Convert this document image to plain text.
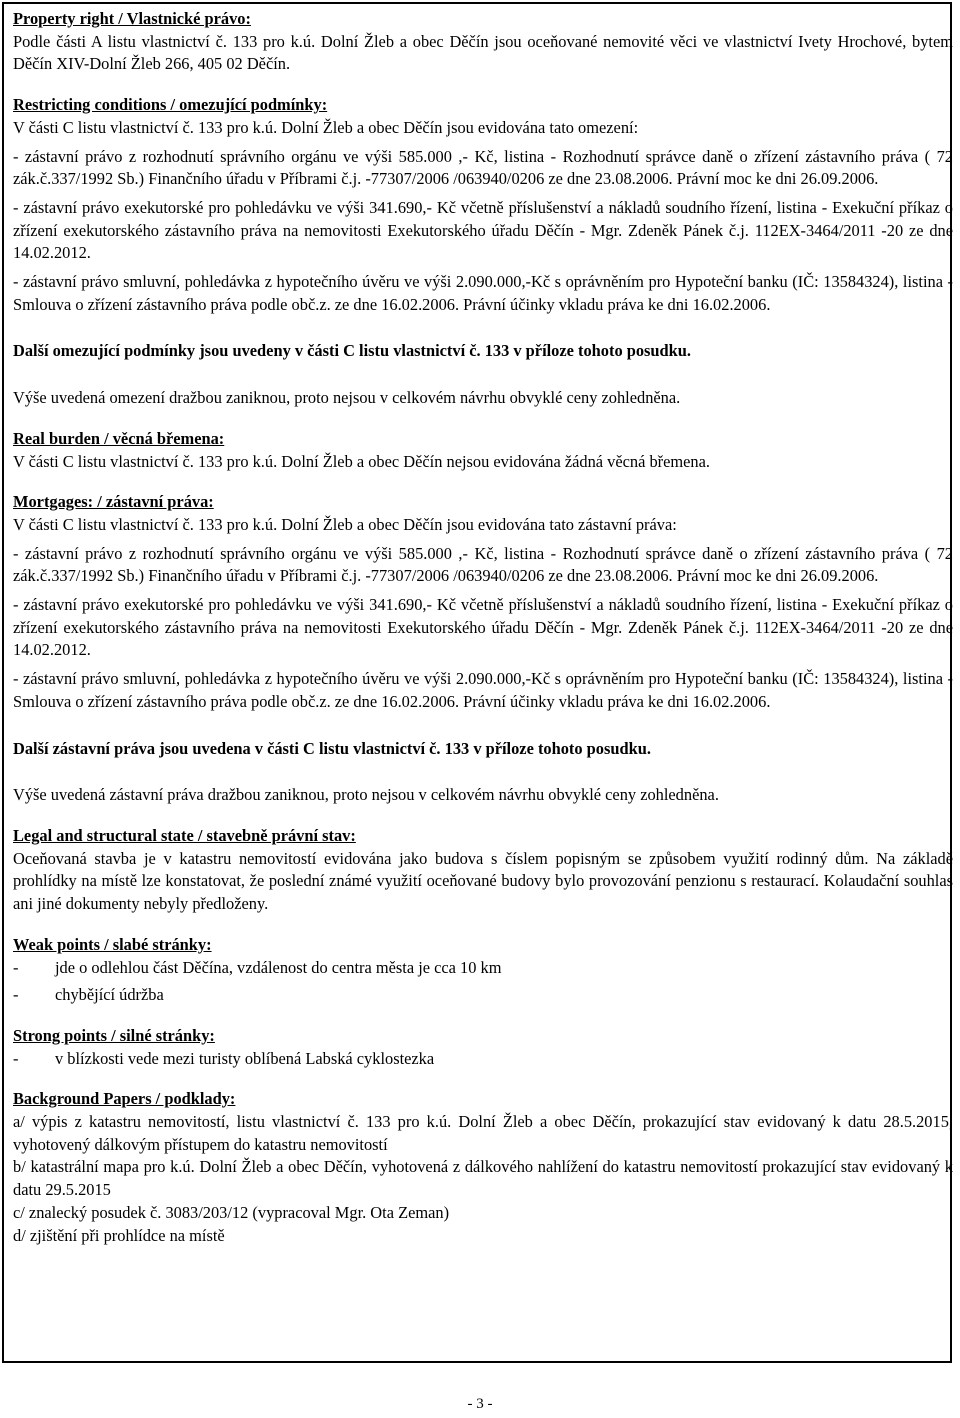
Property right / Vlastnické právo:

Podle části A listu vlastnictví č. 133 pro k.ú. Dolní Žleb a obec Děčín jsou oceňované nemovité věci ve vlastnictví Ivety Hrochové, bytem Děčín XIV-Dolní Žleb 266, 405 02 Děčín.

Restricting conditions / omezující podmínky:

V části C listu vlastnictví č. 133 pro k.ú. Dolní Žleb a obec Děčín jsou evidována tato omezení:

- zástavní právo z rozhodnutí správního orgánu ve výši 585.000 ,- Kč, listina - Rozhodnutí správce daně o zřízení zástavního práva ( 72 zák.č.337/1992 Sb.) Finančního úřadu v Příbrami č.j. -77307/2006 /063940/0206 ze dne 23.08.2006. Právní moc ke dni 26.09.2006.

- zástavní právo exekutorské pro pohledávku ve výši 341.690,- Kč včetně příslušenství a nákladů soudního řízení, listina - Exekuční příkaz o zřízení exekutorského zástavního práva na nemovitosti Exekutorského úřadu Děčín - Mgr. Zdeněk Pánek č.j. 112EX-3464/2011 -20 ze dne 14.02.2012.

- zástavní právo smluvní, pohledávka z hypotečního úvěru ve výši 2.090.000,-Kč s oprávněním pro Hypoteční banku (IČ: 13584324), listina - Smlouva o zřízení zástavního práva podle obč.z. ze dne 16.02.2006. Právní účinky vkladu práva ke dni 16.02.2006.

Další omezující podmínky jsou uvedeny v části C listu vlastnictví č. 133 v příloze tohoto posudku.

Výše uvedená omezení dražbou zaniknou, proto nejsou v celkovém návrhu obvyklé ceny zohledněna.

Real burden / věcná břemena:

V části C listu vlastnictví č. 133 pro k.ú. Dolní Žleb a obec Děčín nejsou evidována žádná věcná břemena.

Mortgages: / zástavní práva:

V části C listu vlastnictví č. 133 pro k.ú. Dolní Žleb a obec Děčín jsou evidována tato zástavní práva:

- zástavní právo z rozhodnutí správního orgánu ve výši 585.000 ,- Kč, listina - Rozhodnutí správce daně o zřízení zástavního práva ( 72 zák.č.337/1992 Sb.) Finančního úřadu v Příbrami č.j. -77307/2006 /063940/0206 ze dne 23.08.2006. Právní moc ke dni 26.09.2006.

- zástavní právo exekutorské pro pohledávku ve výši 341.690,- Kč včetně příslušenství a nákladů soudního řízení, listina - Exekuční příkaz o zřízení exekutorského zástavního práva na nemovitosti Exekutorského úřadu Děčín - Mgr. Zdeněk Pánek č.j. 112EX-3464/2011 -20 ze dne 14.02.2012.

- zástavní právo smluvní, pohledávka z hypotečního úvěru ve výši 2.090.000,-Kč s oprávněním pro Hypoteční banku (IČ: 13584324), listina - Smlouva o zřízení zástavního práva podle obč.z. ze dne 16.02.2006. Právní účinky vkladu práva ke dni 16.02.2006.

Další zástavní práva jsou uvedena v části C listu vlastnictví č. 133 v příloze tohoto posudku.

Výše uvedená zástavní práva dražbou zaniknou, proto nejsou v celkovém návrhu obvyklé ceny zohledněna.

Legal and structural state / stavebně právní stav:

Oceňovaná stavba je v katastru nemovitostí evidována jako budova s číslem popisným se způsobem využití rodinný dům. Na základě prohlídky na místě lze konstatovat, že poslední známé využití oceňované budovy bylo provozování penzionu s restaurací. Kolaudační souhlas ani jiné dokumenty nebyly předloženy.

Weak points / slabé stránky:

-	jde o odlehlou část Děčína, vzdálenost do centra města je cca 10 km
-	chybějící údržba

Strong points / silné stránky:

-	v blízkosti vede mezi turisty oblíbená Labská cyklostezka

Background Papers / podklady:

a/ výpis z katastru nemovitostí, listu vlastnictví č. 133 pro k.ú. Dolní Žleb a obec Děčín, prokazující stav evidovaný k datu 28.5.2015, vyhotovený dálkovým přístupem do katastru nemovitostí

b/ katastrální mapa pro k.ú. Dolní Žleb a obec Děčín, vyhotovená z dálkového nahlížení do katastru nemovitostí prokazující stav evidovaný k datu 29.5.2015

c/ znalecký posudek č. 3083/203/12 (vypracoval Mgr. Ota Zeman)

d/ zjištění při prohlídce na místě

- 3 -
